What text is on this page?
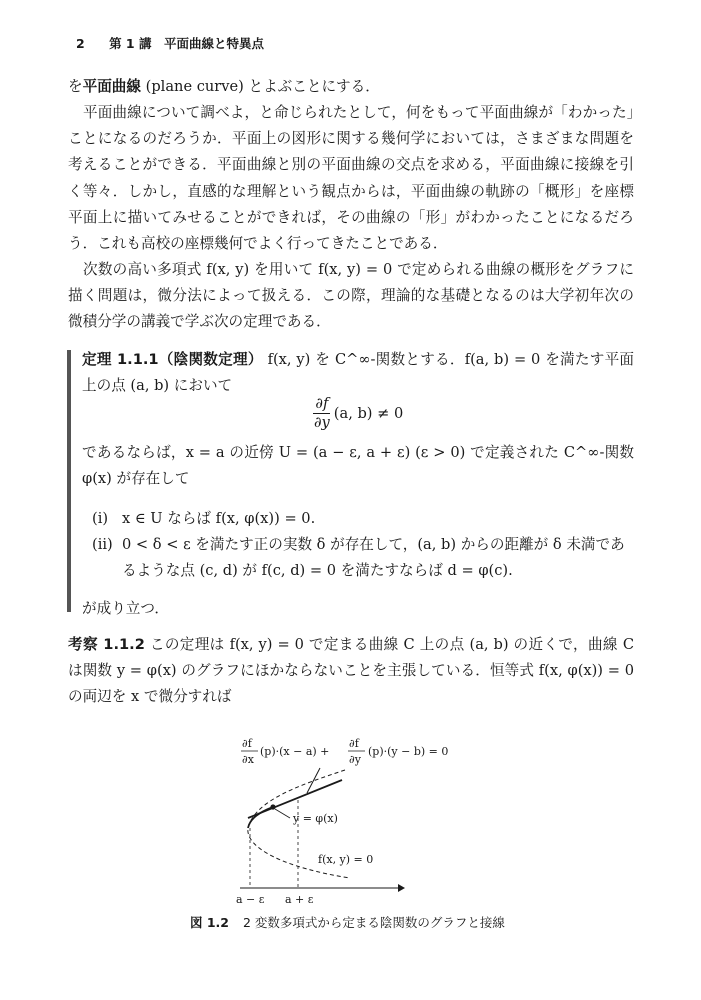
2 第 1 講　平面曲線と特異点
を平面曲線 (plane curve) とよぶことにする．
平面曲線について調べよ，と命じられたとして，何をもって平面曲線が「わかった」ことになるのだろうか．平面上の図形に関する幾何学においては，さまざまな問題を考えることができる．平面曲線と別の平面曲線の交点を求める，平面曲線に接線を引く等々．しかし，直感的な理解という観点からは，平面曲線の軌跡の「概形」を座標平面上に描いてみせることができれば，その曲線の「形」がわかったことになるだろう．これも高校の座標幾何でよく行ってきたことである．
次数の高い多項式 f(x, y) を用いて f(x, y) = 0 で定められる曲線の概形をグラフに描く問題は，微分法によって扱える．この際，理論的な基礎となるのは大学初年次の微積分学の講義で学ぶ次の定理である．
定理 1.1.1（陰関数定理） f(x, y) を C^∞-関数とする．f(a, b) = 0 を満たす平面上の点 (a, b) において
$\frac{\partial f}{\partial y} (a$, b) ≠ 0
であるならば，x = a の近傍 U = (a − ε, a + ε) (ε > 0) で定義された C^∞-関数 φ(x) が存在して
(i) x ∈ U ならば f(x, φ(x)) = 0.
(ii) 0 < δ < ε を満たす正の実数 δ が存在して，(a, b) からの距離が δ 未満であ
るような点 (c, d) が f(c, d) = 0 を満たすならば d = φ(c).
が成り立つ．
考察 1.1.2 この定理は f(x, y) = 0 で定まる曲線 C 上の点 (a, b) の近くで，曲線 C は関数 y = φ(x) のグラフにほかならないことを主張している．恒等式 f(x, φ(x)) = 0 の両辺を x で微分すれば
∂f
∂x
(p)·(x − a) +
∂f
∂y
(p)·(y − b) = 0
y = φ(x)
f(x, y) = 0
a − ε a + ε
図 1.2 2 変数多項式から定まる陰関数のグラフと接線
